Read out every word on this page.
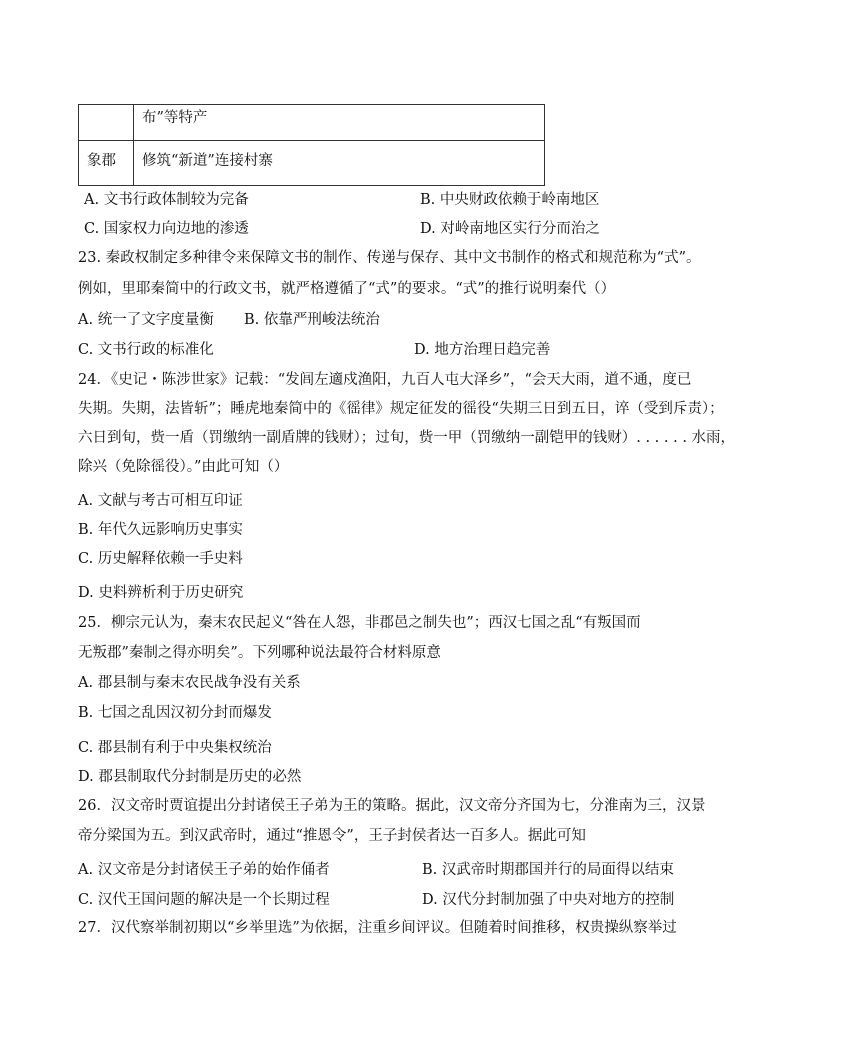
	布”等特产
象郡	修筑“新道”连接村寨
A. 文书行政体制较为完备	B. 中央财政依赖于岭南地区
C. 国家权力向边地的渗透	D. 对岭南地区实行分而治之
23. 秦政权制定多种律令来保障文书的制作、传递与保存、其中文书制作的格式和规范称为“式”。
例如，里耶秦简中的行政文书，就严格遵循了“式”的要求。“式”的推行说明秦代（）
A. 统一了文字度量衡 B. 依靠严刑峻法统治
C. 文书行政的标准化	D. 地方治理日趋完善
24．《史记・陈涉世家》记载：“发闾左適戍渔阳，九百人屯大泽乡”，“会天大雨，道不通，度已
失期。失期，法皆斩”；睡虎地秦简中的《徭律》规定征发的徭役“失期三日到五日，谇（受到斥责）；
六日到旬，赀一盾（罚缴纳一副盾牌的钱财）；过旬，赀一甲（罚缴纳一副铠甲的钱财）. . . . . . 水雨，
除兴（免除徭役）。”由此可知（）
A. 文献与考古可相互印证
B. 年代久远影响历史事实
C. 历史解释依赖一手史料
D. 史料辨析利于历史研究
25．柳宗元认为，秦末农民起义“咎在人怨，非郡邑之制失也”；西汉七国之乱“有叛国而
无叛郡”秦制之得亦明矣”。下列哪种说法最符合材料原意
A. 郡县制与秦末农民战争没有关系
B. 七国之乱因汉初分封而爆发
C. 郡县制有利于中央集权统治
D. 郡县制取代分封制是历史的必然
26．汉文帝时贾谊提出分封诸侯王子弟为王的策略。据此，汉文帝分齐国为七，分淮南为三，汉景
帝分梁国为五。到汉武帝时，通过“推恩令”，王子封侯者达一百多人。据此可知
A. 汉文帝是分封诸侯王子弟的始作俑者	B. 汉武帝时期郡国并行的局面得以结束
C. 汉代王国问题的解决是一个长期过程	D. 汉代分封制加强了中央对地方的控制
27．汉代察举制初期以“乡举里选”为依据，注重乡间评议。但随着时间推移，权贵操纵察举过
